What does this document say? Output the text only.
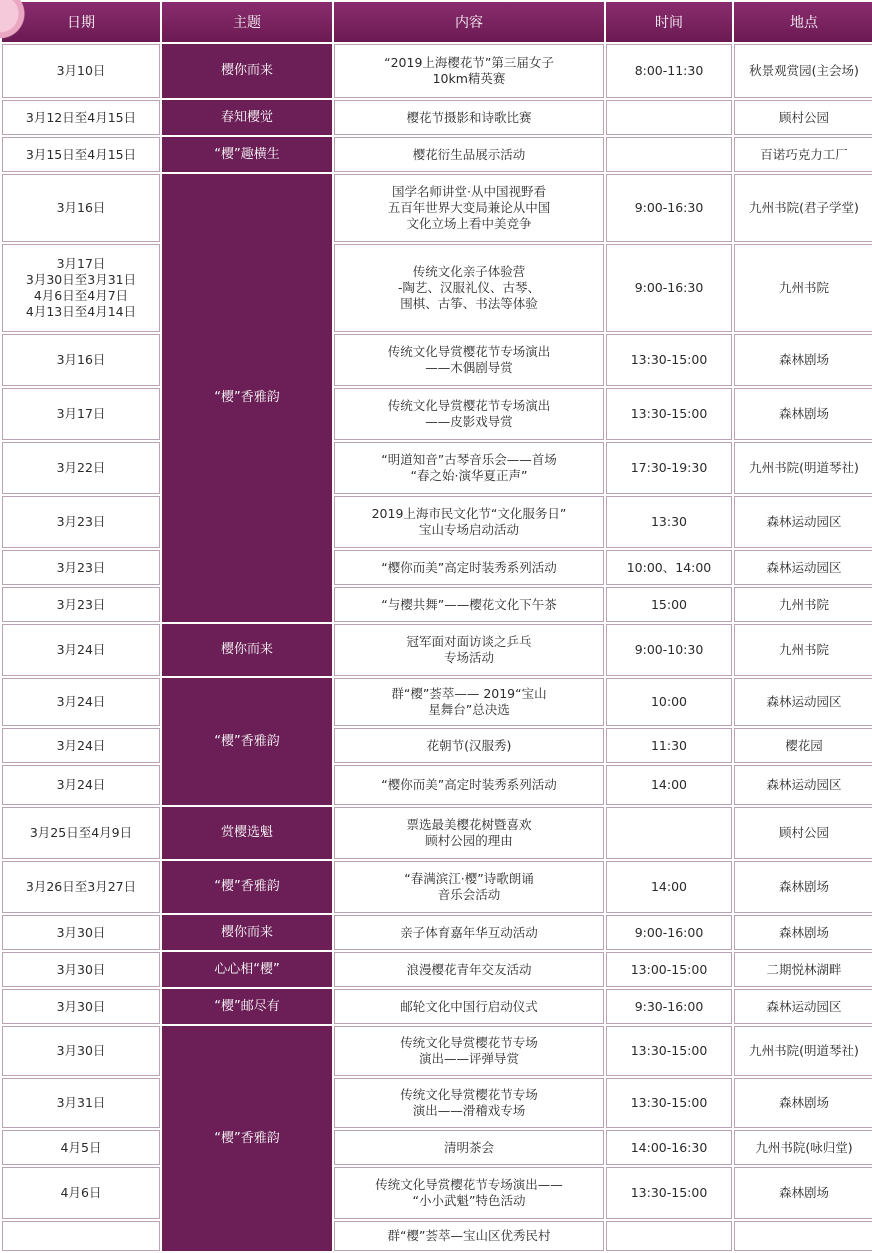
日期	主题	内容	时间	地点

3月10日	樱你而来	“2019上海樱花节”第三届女子
10km精英赛	8:00-11:30	秋景观赏园(主会场)

3月12日至4月15日	春知樱觉	樱花节摄影和诗歌比赛		顾村公园

3月15日至4月15日	“樱”趣横生	樱花衍生品展示活动		百诺巧克力工厂

3月16日	“樱”香雅韵	国学名师讲堂·从中国视野看
五百年世界大变局兼论从中国
文化立场上看中美竞争	9:00-16:30	九州书院(君子学堂)

3月17日
3月30日至3月31日
4月6日至4月7日
4月13日至4月14日		传统文化亲子体验营
-陶艺、汉服礼仪、古琴、
围棋、古筝、书法等体验	9:00-16:30	九州书院

3月16日		传统文化导赏樱花节专场演出
——木偶剧导赏	13:30-15:00	森林剧场

3月17日		传统文化导赏樱花节专场演出
——皮影戏导赏	13:30-15:00	森林剧场

3月22日		“明道知音”古琴音乐会——首场
“春之始·演华夏正声”	17:30-19:30	九州书院(明道琴社)

3月23日		2019上海市民文化节“文化服务日”
宝山专场启动活动	13:30	森林运动园区

3月23日		“樱你而美”高定时装秀系列活动	10:00、14:00	森林运动园区

3月23日		“与樱共舞”——樱花文化下午茶	15:00	九州书院

3月24日	樱你而来	冠军面对面访谈之乒乓
专场活动	9:00-10:30	九州书院

3月24日	“樱”香雅韵	群“樱”荟萃—— 2019“宝山
星舞台”总决选	10:00	森林运动园区

3月24日		花朝节(汉服秀)	11:30	樱花园

3月24日		“樱你而美”高定时装秀系列活动	14:00	森林运动园区

3月25日至4月9日	赏樱选魁	票选最美樱花树暨喜欢
顾村公园的理由		顾村公园

3月26日至3月27日	“樱”香雅韵	“春满滨江·樱”诗歌朗诵
音乐会活动	14:00	森林剧场

3月30日	樱你而来	亲子体育嘉年华互动活动	9:00-16:00	森林剧场

3月30日	心心相“樱”	浪漫樱花青年交友活动	13:00-15:00	二期悦林湖畔

3月30日	“樱”邮尽有	邮轮文化中国行启动仪式	9:30-16:00	森林运动园区

3月30日	“樱”香雅韵	传统文化导赏樱花节专场
演出——评弹导赏	13:30-15:00	九州书院(明道琴社)

3月31日		传统文化导赏樱花节专场
演出——滑稽戏专场	13:30-15:00	森林剧场

4月5日		清明茶会	14:00-16:30	九州书院(咏归堂)

4月6日		传统文化导赏樱花节专场演出——
“小小武魁”特色活动	13:30-15:00	森林剧场

		群“樱”荟萃—宝山区优秀民村		
